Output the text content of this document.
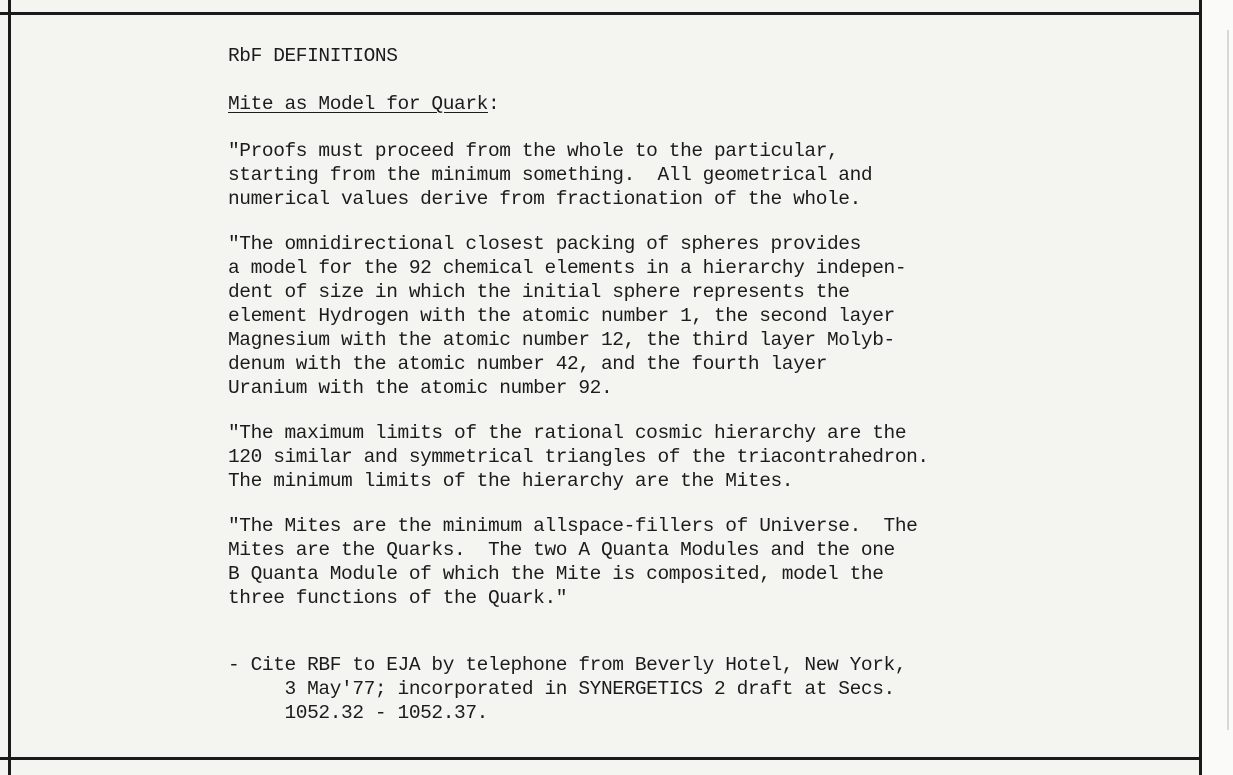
RbF DEFINITIONS
Mite as Model for Quark:
"Proofs must proceed from the whole to the particular,
starting from the minimum something.  All geometrical and
numerical values derive from fractionation of the whole.
"The omnidirectional closest packing of spheres provides
a model for the 92 chemical elements in a hierarchy indepen-
dent of size in which the initial sphere represents the
element Hydrogen with the atomic number 1, the second layer
Magnesium with the atomic number 12, the third layer Molyb-
denum with the atomic number 42, and the fourth layer
Uranium with the atomic number 92.
"The maximum limits of the rational cosmic hierarchy are the
120 similar and symmetrical triangles of the triacontrahedron.
The minimum limits of the hierarchy are the Mites.
"The Mites are the minimum allspace-fillers of Universe.  The
Mites are the Quarks.  The two A Quanta Modules and the one
B Quanta Module of which the Mite is composited, model the
three functions of the Quark."
- Cite RBF to EJA by telephone from Beverly Hotel, New York,
3 May'77; incorporated in SYNERGETICS 2 draft at Secs.
1052.32 - 1052.37.
